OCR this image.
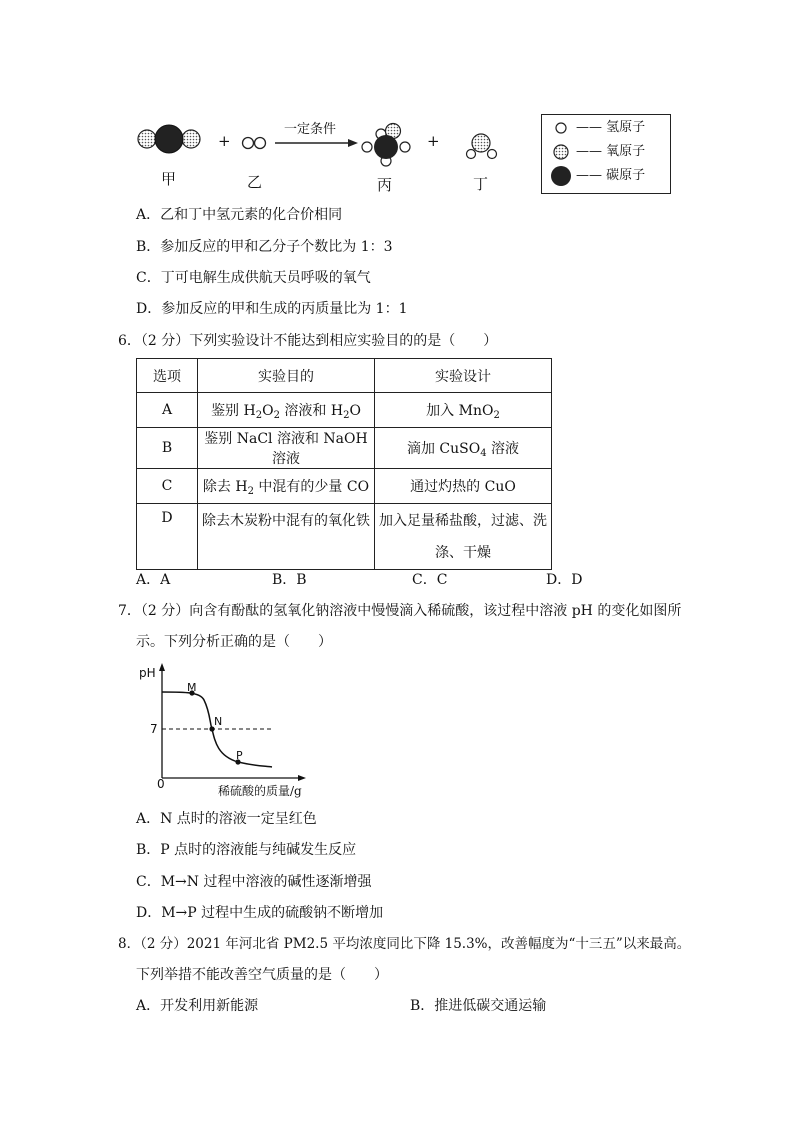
一定条件
+	+
甲	乙	丙	丁
—— 氢原子
—— 氧原子
—— 碳原子
A．乙和丁中氢元素的化合价相同
B．参加反应的甲和乙分子个数比为 1：3
C．丁可电解生成供航天员呼吸的氧气
D．参加反应的甲和生成的丙质量比为 1：1
6．（2 分）下列实验设计不能达到相应实验目的的是（　　）
选项	实验目的	实验设计
A	鉴别 $H_2O_2$ 溶液和 $H_2O$	加入 MnO$_2$
B	鉴别 NaCl 溶液和 NaOH 溶液	滴加 CuSO$_4$ 溶液
C	除去 $H_2$ 中混有的少量 CO	通过灼热的 CuO
D	除去木炭粉中混有的氧化铁	加入足量稀盐酸，过滤、洗
涤、干燥
A．A	B．B	C．C	D．D
7．（2 分）向含有酚酞的氢氧化钠溶液中慢慢滴入稀硫酸，该过程中溶液 pH 的变化如图所
示。下列分析正确的是（　　）
pH
M
N
P
7
0	稀硫酸的质量/g
A．N 点时的溶液一定呈红色
B．P 点时的溶液能与纯碱发生反应
C．M→N 过程中溶液的碱性逐渐增强
D．M→P 过程中生成的硫酸钠不断增加
8．（2 分）2021 年河北省 PM2.5 平均浓度同比下降 15.3%，改善幅度为“十三五”以来最高。
下列举措不能改善空气质量的是（　　）
A．开发利用新能源	B．推进低碳交通运输
